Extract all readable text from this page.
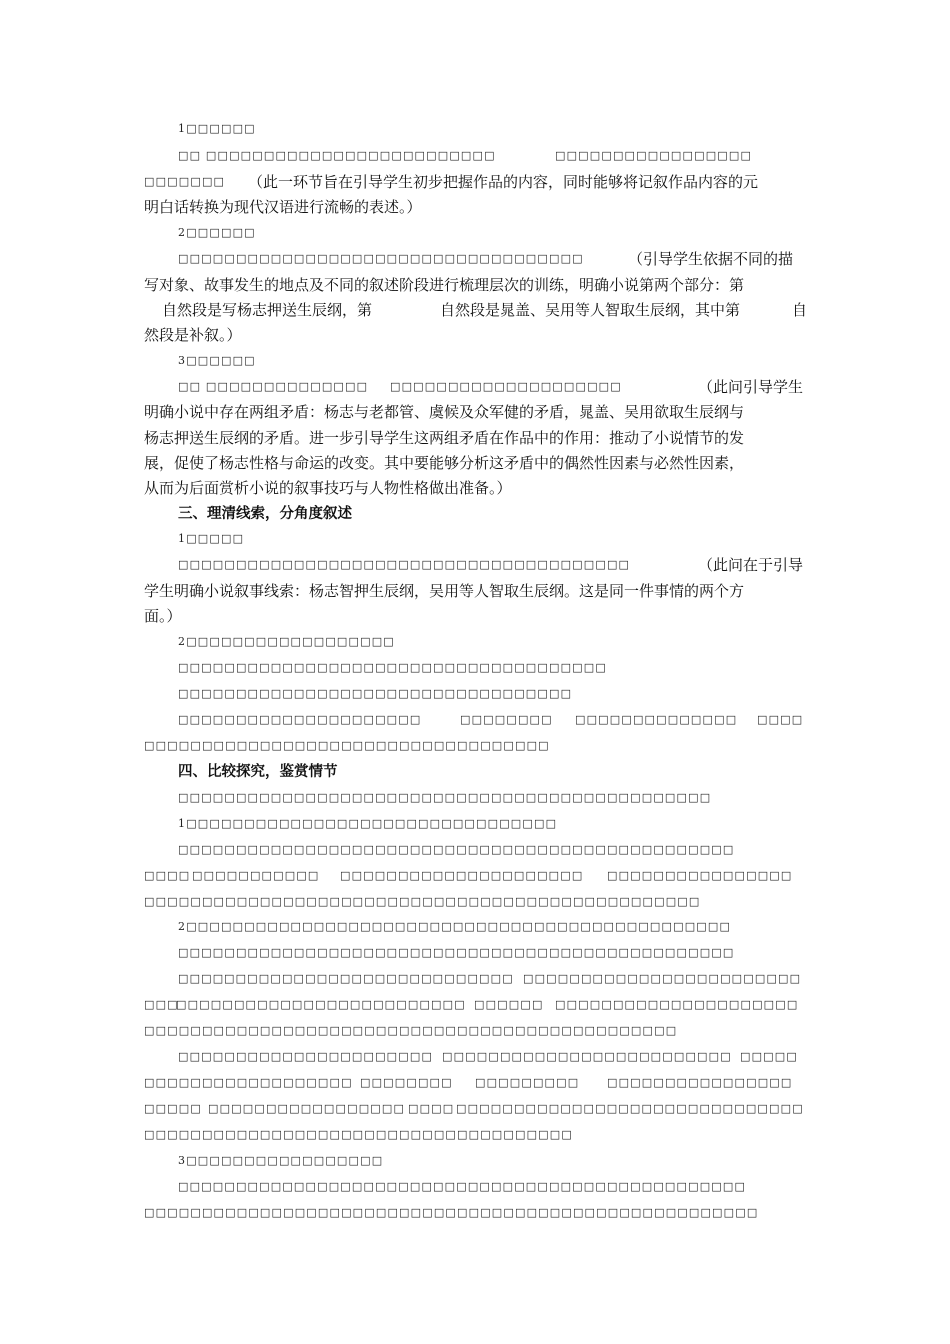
1□□□□□□
□□ □□□□□□□□□□□□□□□□□□□□□□□□□	□□□□□□□□□□□□□□□□□
□□□□□□□ （此一环节旨在引导学生初步把握作品的内容，同时能够将记叙作品内容的元
明白话转换为现代汉语进行流畅的表述。）
2□□□□□□
□□□□□□□□□□□□□□□□□□□□□□□□□□□□□□□□□□□	（引导学生依据不同的描
写对象、故事发生的地点及不同的叙述阶段进行梳理层次的训练，明确小说第两个部分：第
自然段是写杨志押送生辰纲，第	自然段是晁盖、吴用等人智取生辰纲，其中第	自
然段是补叙。）
3□□□□□□
□□ □□□□□□□□□□□□□□ □□□□□□□□□□□□□□□□□□□□	（此问引导学生
明确小说中存在两组矛盾：杨志与老都管、虞候及众军健的矛盾，晁盖、吴用欲取生辰纲与
杨志押送生辰纲的矛盾。进一步引导学生这两组矛盾在作品中的作用：推动了小说情节的发
展，促使了杨志性格与命运的改变。其中要能够分析这矛盾中的偶然性因素与必然性因素，
从而为后面赏析小说的叙事技巧与人物性格做出准备。）
三、理清线索，分角度叙述
1□□□□□
□□□□□□□□□□□□□□□□□□□□□□□□□□□□□□□□□□□□□□□	（此问在于引导
学生明确小说叙事线索：杨志智押生辰纲，吴用等人智取生辰纲。这是同一件事情的两个方
面。）
2□□□□□□□□□□□□□□□□□□
□□□□□□□□□□□□□□□□□□□□□□□□□□□□□□□□□□□□□
□□□□□□□□□□□□□□□□□□□□□□□□□□□□□□□□□□
□□□□□□□□□□□□□□□□□□□□□	□□□□□□□□ □□□□□□□□□□□□□□ □□□□
□□□□□□□□□□□□□□□□□□□□□□□□□□□□□□□□□□□
四、比较探究，鉴赏情节
□□□□□□□□□□□□□□□□□□□□□□□□□□□□□□□□□□□□□□□□□□□□□□
1□□□□□□□□□□□□□□□□□□□□□□□□□□□□□□□□
□□□□□□□□□□□□□□□□□□□□□□□□□□□□□□□□□□□□□□□□□□□□□□□□
□□□□ □□□□□□□□□□□ □□□□□□□□□□□□□□□□□□□□□ □□□□□□□□□□□□□□□□
□□□□□□□□□□□□□□□□□□□□□□□□□□□□□□□□□□□□□□□□□□□□□□□□
2□□□□□□□□□□□□□□□□□□□□□□□□□□□□□□□□□□□□□□□□□□□□□□□
□□□□□□□□□□□□□□□□□□□□□□□□□□□□□□□□□□□□□□□□□□□□□□□□
□□□□ □□□□□□□□□□□□□□□□□□□□□□□□□ □□□□□□□□□□□□□□□□□□□□□□□□
□□□
□□□□□□□□□□□□□□□□□□□□□□□□□ □□□□□□ □□□□□□□□□□□□□□□□□□□□□
□□□□□□□□□□□□□□□□□□□□□□□□□□□□□□□□□□□□□□□□□□□□□□
□□□□□□□□□□□□□□□□□□□□□□ □□□□□□□□□□□□□□□□□□□□□□□□□ □□□□□
□□□□□□□□□□□□□□□□□□ □□□□□□□□ □□□□□□□□□	□□□□□□□□□□□□□□□□
□□□□□ □□□□□□□□□□□□□□□□□ □□□□ □□□□□□□□□□□□□□□□□□□□□□□□□□□□□□
□□□□□□□□□□□□□□□□□□□□□□□□□□□□□□□□□□□□□
3□□□□□□□□□□□□□□□□□
□□□□□□□□□□□□□□□□□□□□□□□□□□□□□□□□□□□□□□□□□□□□□□□□□
□□□□□□□□□□□□□□□□□□□□□□□□□□□□□□□□□□□□□□□□□□□□□□□□□□□□□
